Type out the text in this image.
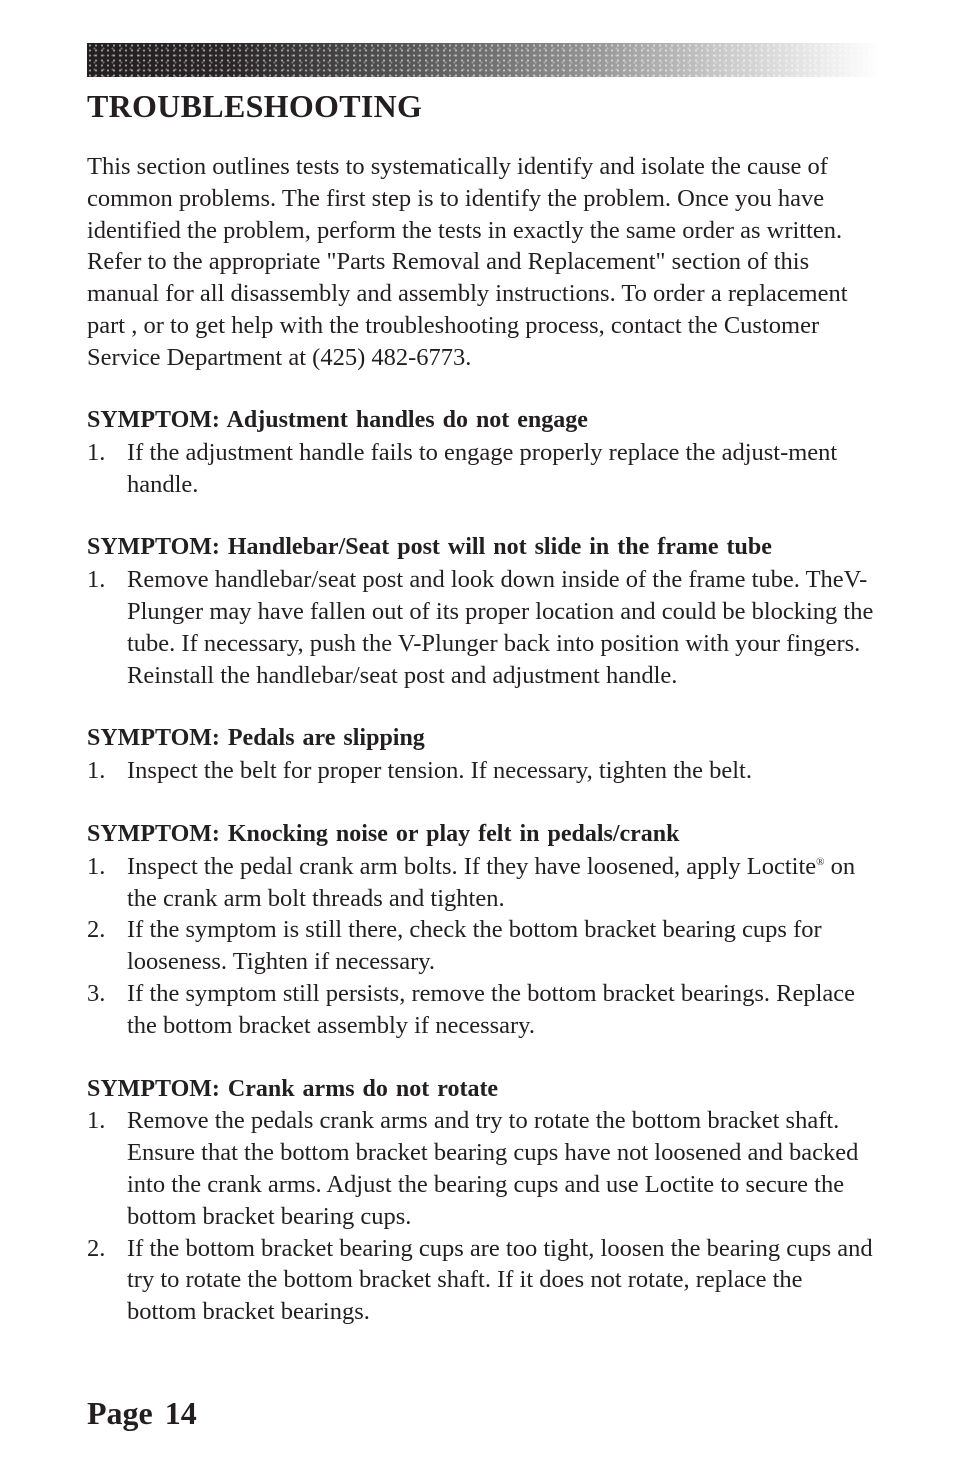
TROUBLESHOOTING

This section outlines tests to systematically identify and isolate the cause of common problems. The first step is to identify the problem. Once you have identified the problem, perform the tests in exactly the same order as written. Refer to the appropriate "Parts Removal and Replacement" section of this manual for all disassembly and assembly instructions. To order a replacement part , or to get help with the troubleshooting process, contact the Customer Service Department at (425) 482-6773.

SYMPTOM: Adjustment handles do not engage

1. If the adjustment handle fails to engage properly replace the adjust-ment handle.

SYMPTOM: Handlebar/Seat post will not slide in the frame tube

1. Remove handlebar/seat post and look down inside of the frame tube. TheV-Plunger may have fallen out of its proper location and could be blocking the tube. If necessary, push the V-Plunger back into position with your fingers. Reinstall the handlebar/seat post and adjustment handle.

SYMPTOM: Pedals are slipping

1. Inspect the belt for proper tension. If necessary, tighten the belt.

SYMPTOM: Knocking noise or play felt in pedals/crank

1. Inspect the pedal crank arm bolts. If they have loosened, apply Loctite® on the crank arm bolt threads and tighten.
2. If the symptom is still there, check the bottom bracket bearing cups for looseness. Tighten if necessary.
3. If the symptom still persists, remove the bottom bracket bearings. Replace the bottom bracket assembly if necessary.

SYMPTOM: Crank arms do not rotate

1. Remove the pedals crank arms and try to rotate the bottom bracket shaft. Ensure that the bottom bracket bearing cups have not loosened and backed into the crank arms. Adjust the bearing cups and use Loctite to secure the bottom bracket bearing cups.
2. If the bottom bracket bearing cups are too tight, loosen the bearing cups and try to rotate the bottom bracket shaft. If it does not rotate, replace the bottom bracket bearings.

Page 14
